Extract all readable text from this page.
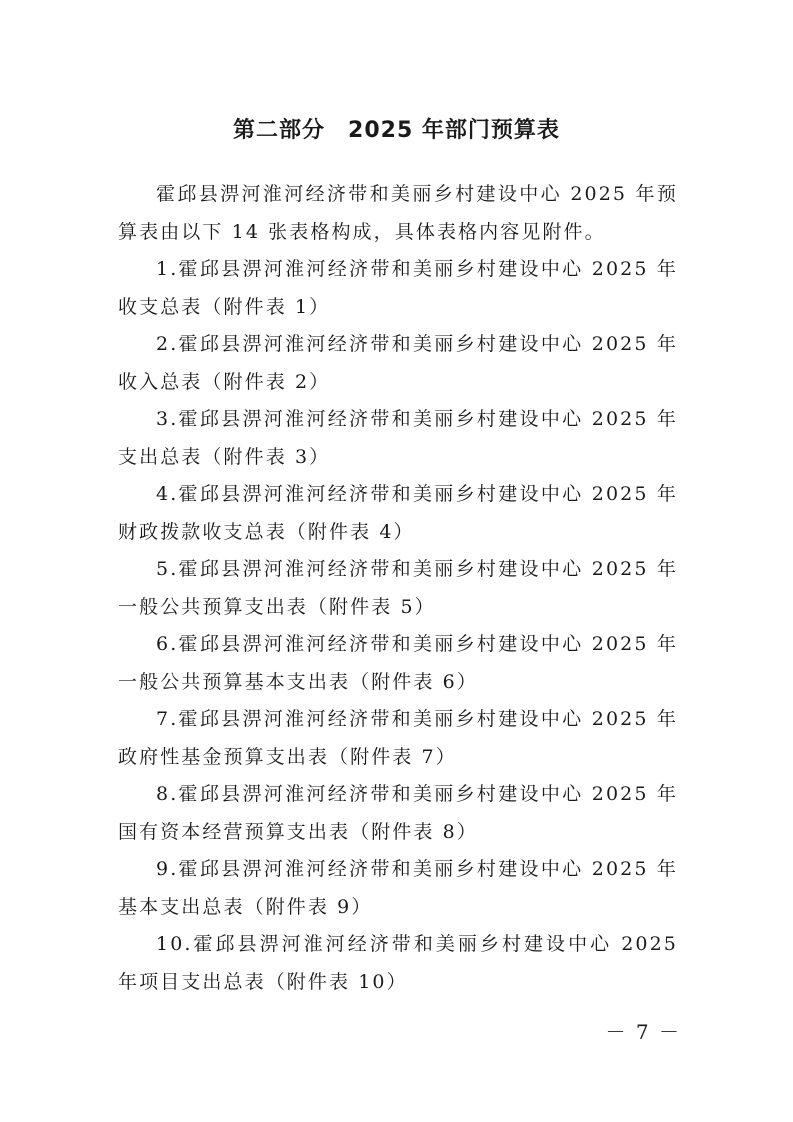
第二部分　2025 年部门预算表

霍邱县淠河淮河经济带和美丽乡村建设中心 2025 年预算表由以下 14 张表格构成，具体表格内容见附件。

1.霍邱县淠河淮河经济带和美丽乡村建设中心 2025 年收支总表（附件表 1）

2.霍邱县淠河淮河经济带和美丽乡村建设中心 2025 年收入总表（附件表 2）

3.霍邱县淠河淮河经济带和美丽乡村建设中心 2025 年支出总表（附件表 3）

4.霍邱县淠河淮河经济带和美丽乡村建设中心 2025 年财政拨款收支总表（附件表 4）

5.霍邱县淠河淮河经济带和美丽乡村建设中心 2025 年一般公共预算支出表（附件表 5）

6.霍邱县淠河淮河经济带和美丽乡村建设中心 2025 年一般公共预算基本支出表（附件表 6）

7.霍邱县淠河淮河经济带和美丽乡村建设中心 2025 年政府性基金预算支出表（附件表 7）

8.霍邱县淠河淮河经济带和美丽乡村建设中心 2025 年国有资本经营预算支出表（附件表 8）

9.霍邱县淠河淮河经济带和美丽乡村建设中心 2025 年基本支出总表（附件表 9）

10.霍邱县淠河淮河经济带和美丽乡村建设中心 2025 年项目支出总表（附件表 10）

－ 7 －
